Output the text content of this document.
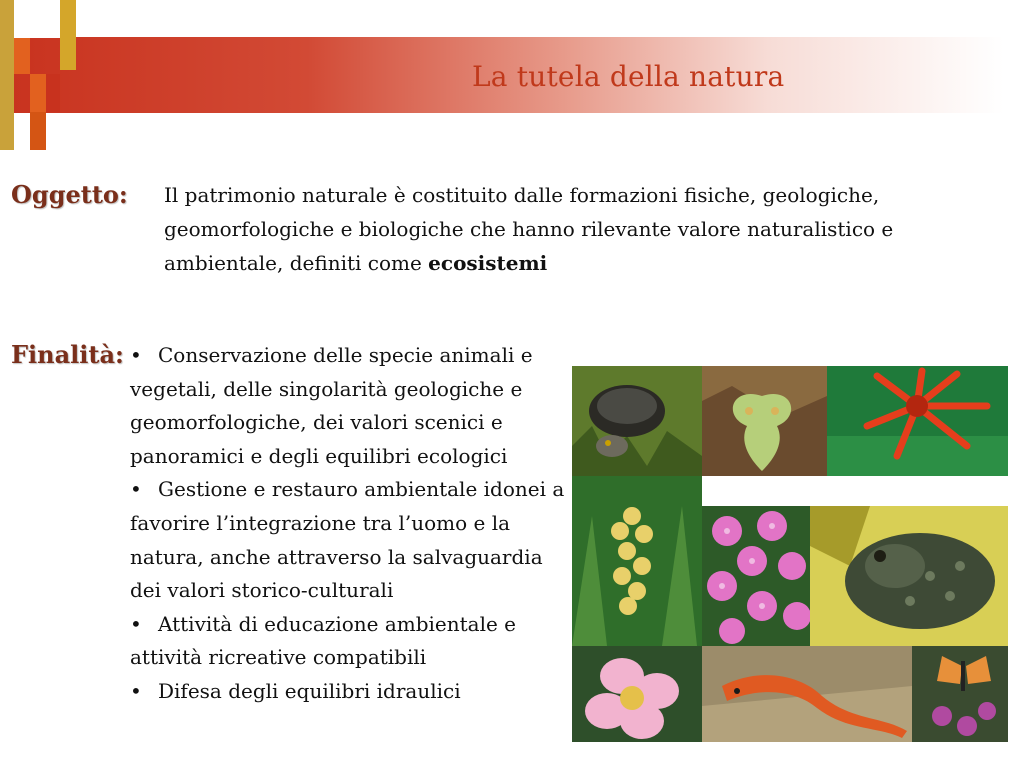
La tutela della natura
Oggetto: Il patrimonio naturale è costituito dalle formazioni fisiche, geologiche, geomorfologiche e biologiche che hanno rilevante valore naturalistico e ambientale, definiti come ecosistemi
Finalità: • Conservazione delle specie animali e vegetali, delle singolarità geologiche e geomorfologiche, dei valori scenici e panoramici e degli equilibri ecologici
• Gestione e restauro ambientale idonei a favorire l’integrazione tra l’uomo e la natura, anche attraverso la salvaguardia dei valori storico-culturali
• Attività di educazione ambientale e attività ricreative compatibili
• Difesa degli equilibri idraulici
